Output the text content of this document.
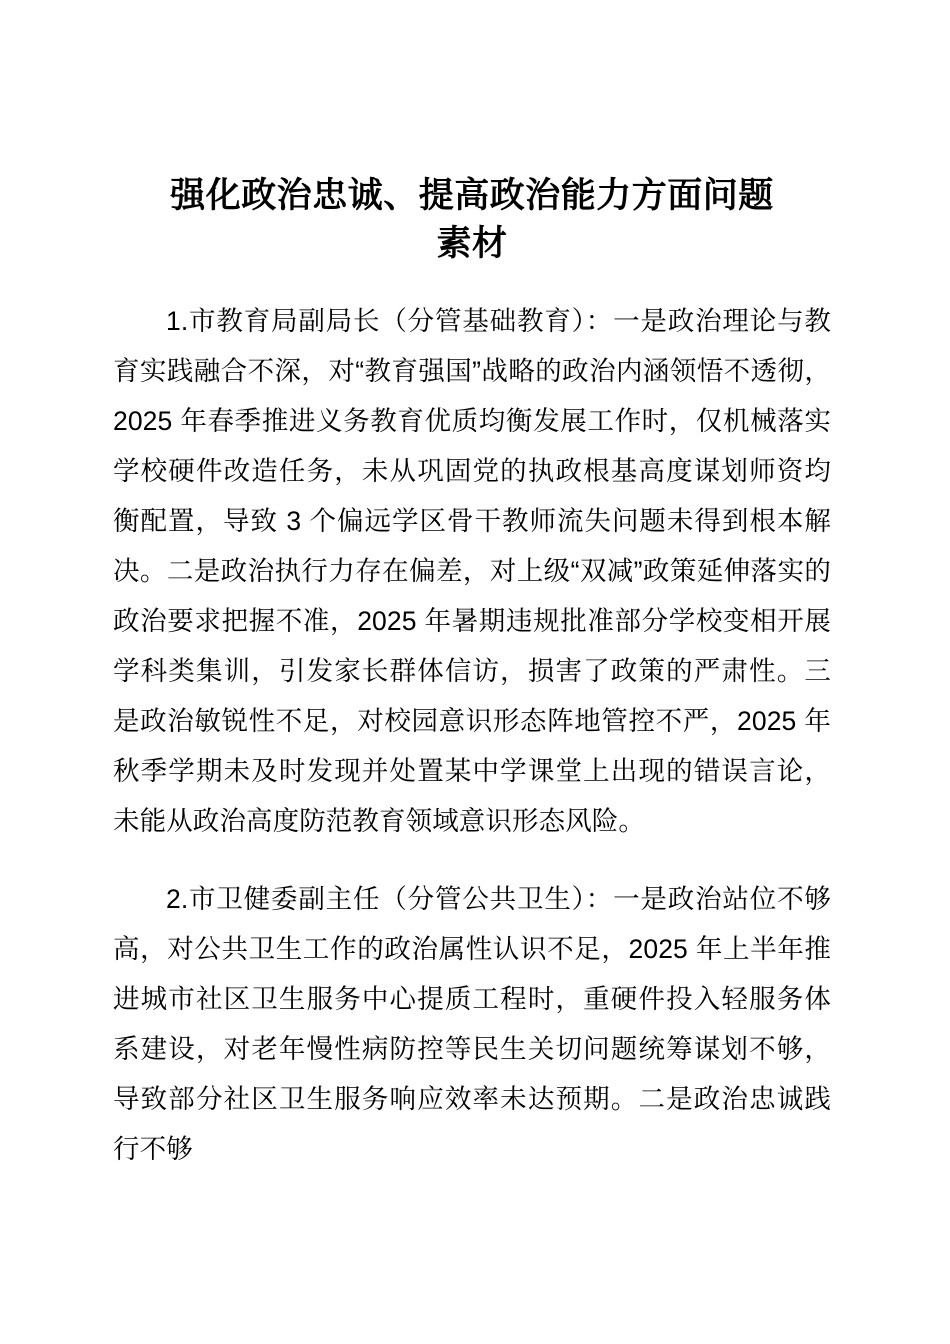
强化政治忠诚、提高政治能力方面问题
素材

1.市教育局副局长（分管基础教育）：一是政治理论与教育实践融合不深，对“教育强国”战略的政治内涵领悟不透彻，2025 年春季推进义务教育优质均衡发展工作时，仅机械落实学校硬件改造任务，未从巩固党的执政根基高度谋划师资均衡配置，导致 3 个偏远学区骨干教师流失问题未得到根本解决。二是政治执行力存在偏差，对上级“双减”政策延伸落实的政治要求把握不准，2025 年暑期违规批准部分学校变相开展学科类集训，引发家长群体信访，损害了政策的严肃性。三是政治敏锐性不足，对校园意识形态阵地管控不严，2025 年秋季学期未及时发现并处置某中学课堂上出现的错误言论，未能从政治高度防范教育领域意识形态风险。

2.市卫健委副主任（分管公共卫生）：一是政治站位不够高，对公共卫生工作的政治属性认识不足，2025 年上半年推进城市社区卫生服务中心提质工程时，重硬件投入轻服务体系建设，对老年慢性病防控等民生关切问题统筹谋划不够，导致部分社区卫生服务响应效率未达预期。二是政治忠诚践行不够
